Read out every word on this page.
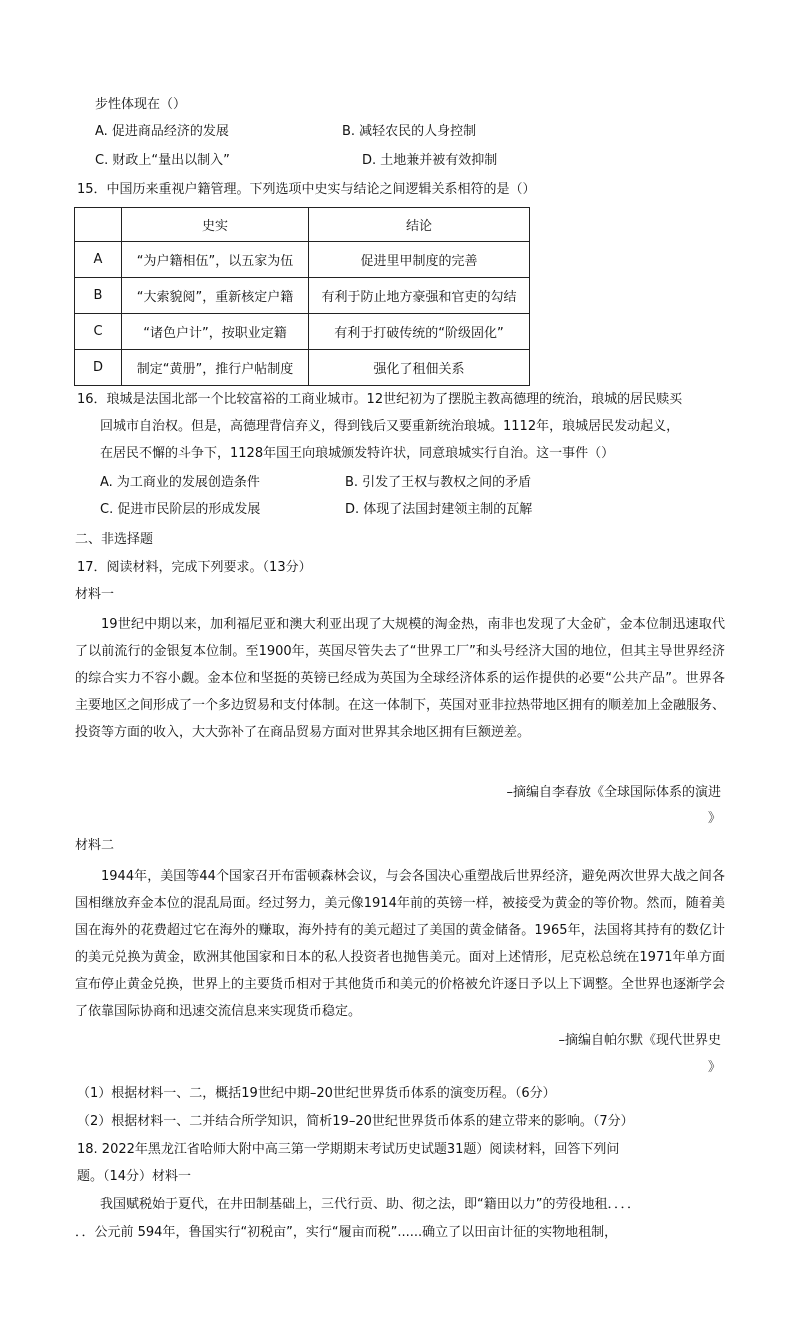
步性体现在（）
A. 促进商品经济的发展	B. 减轻农民的人身控制
C. 财政上“量出以制入”	D. 土地兼并被有效抑制
15．中国历来重视户籍管理。下列选项中史实与结论之间逻辑关系相符的是（）
	史实	结论
A	“为户籍相伍”，以五家为伍	促进里甲制度的完善
B	“大索貌阅”，重新核定户籍	有利于防止地方豪强和官吏的勾结
C	“诸色户计”，按职业定籍	有利于打破传统的“阶级固化”
D	制定“黄册”，推行户帖制度	强化了租佃关系
16．琅城是法国北部一个比较富裕的工商业城市。12世纪初为了摆脱主教高德理的统治，琅城的居民赎买
回城市自治权。但是，高德理背信弃义，得到钱后又要重新统治琅城。1112年，琅城居民发动起义，
在居民不懈的斗争下，1128年国王向琅城颁发特许状，同意琅城实行自治。这一事件（）
A. 为工商业的发展创造条件	B. 引发了王权与教权之间的矛盾
C. 促进市民阶层的形成发展	D. 体现了法国封建领主制的瓦解
二、非选择题
17．阅读材料，完成下列要求。（13分）
材料一
19世纪中期以来，加利福尼亚和澳大利亚出现了大规模的淘金热，南非也发现了大金矿，金本位制迅速取代了以前流行的金银复本位制。至1900年，英国尽管失去了“世界工厂”和头号经济大国的地位，但其主导世界经济的综合实力不容小觑。金本位和坚挺的英镑已经成为英国为全球经济体系的运作提供的必要“公共产品”。世界各主要地区之间形成了一个多边贸易和支付体制。在这一体制下，英国对亚非拉热带地区拥有的顺差加上金融服务、投资等方面的收入，大大弥补了在商品贸易方面对世界其余地区拥有巨额逆差。
–摘编自李春放《全球国际体系的演进
》
材料二
1944年，美国等44个国家召开布雷顿森林会议，与会各国决心重塑战后世界经济，避免两次世界大战之间各国相继放弃金本位的混乱局面。经过努力，美元像1914年前的英镑一样，被接受为黄金的等价物。然而，随着美国在海外的花费超过它在海外的赚取，海外持有的美元超过了美国的黄金储备。1965年，法国将其持有的数亿计的美元兑换为黄金，欧洲其他国家和日本的私人投资者也抛售美元。面对上述情形，尼克松总统在1971年单方面宣布停止黄金兑换，世界上的主要货币相对于其他货币和美元的价格被允许逐日予以上下调整。全世界也逐渐学会了依靠国际协商和迅速交流信息来实现货币稳定。
–摘编自帕尔默《现代世界史
》
（1）根据材料一、二，概括19世纪中期–20世纪世界货币体系的演变历程。（6分）
（2）根据材料一、二并结合所学知识，简析19–20世纪世界货币体系的建立带来的影响。（7分）
18. 2022年黑龙江省哈师大附中高三第一学期期末考试历史试题31题）阅读材料，回答下列问
题。（14分）材料一
我国赋税始于夏代，在井田制基础上，三代行贡、助、彻之法，即“籍田以力”的劳役地租．．．．
．．公元前 594年，鲁国实行“初税亩”，实行“履亩而税”......确立了以田亩计征的实物地租制，
